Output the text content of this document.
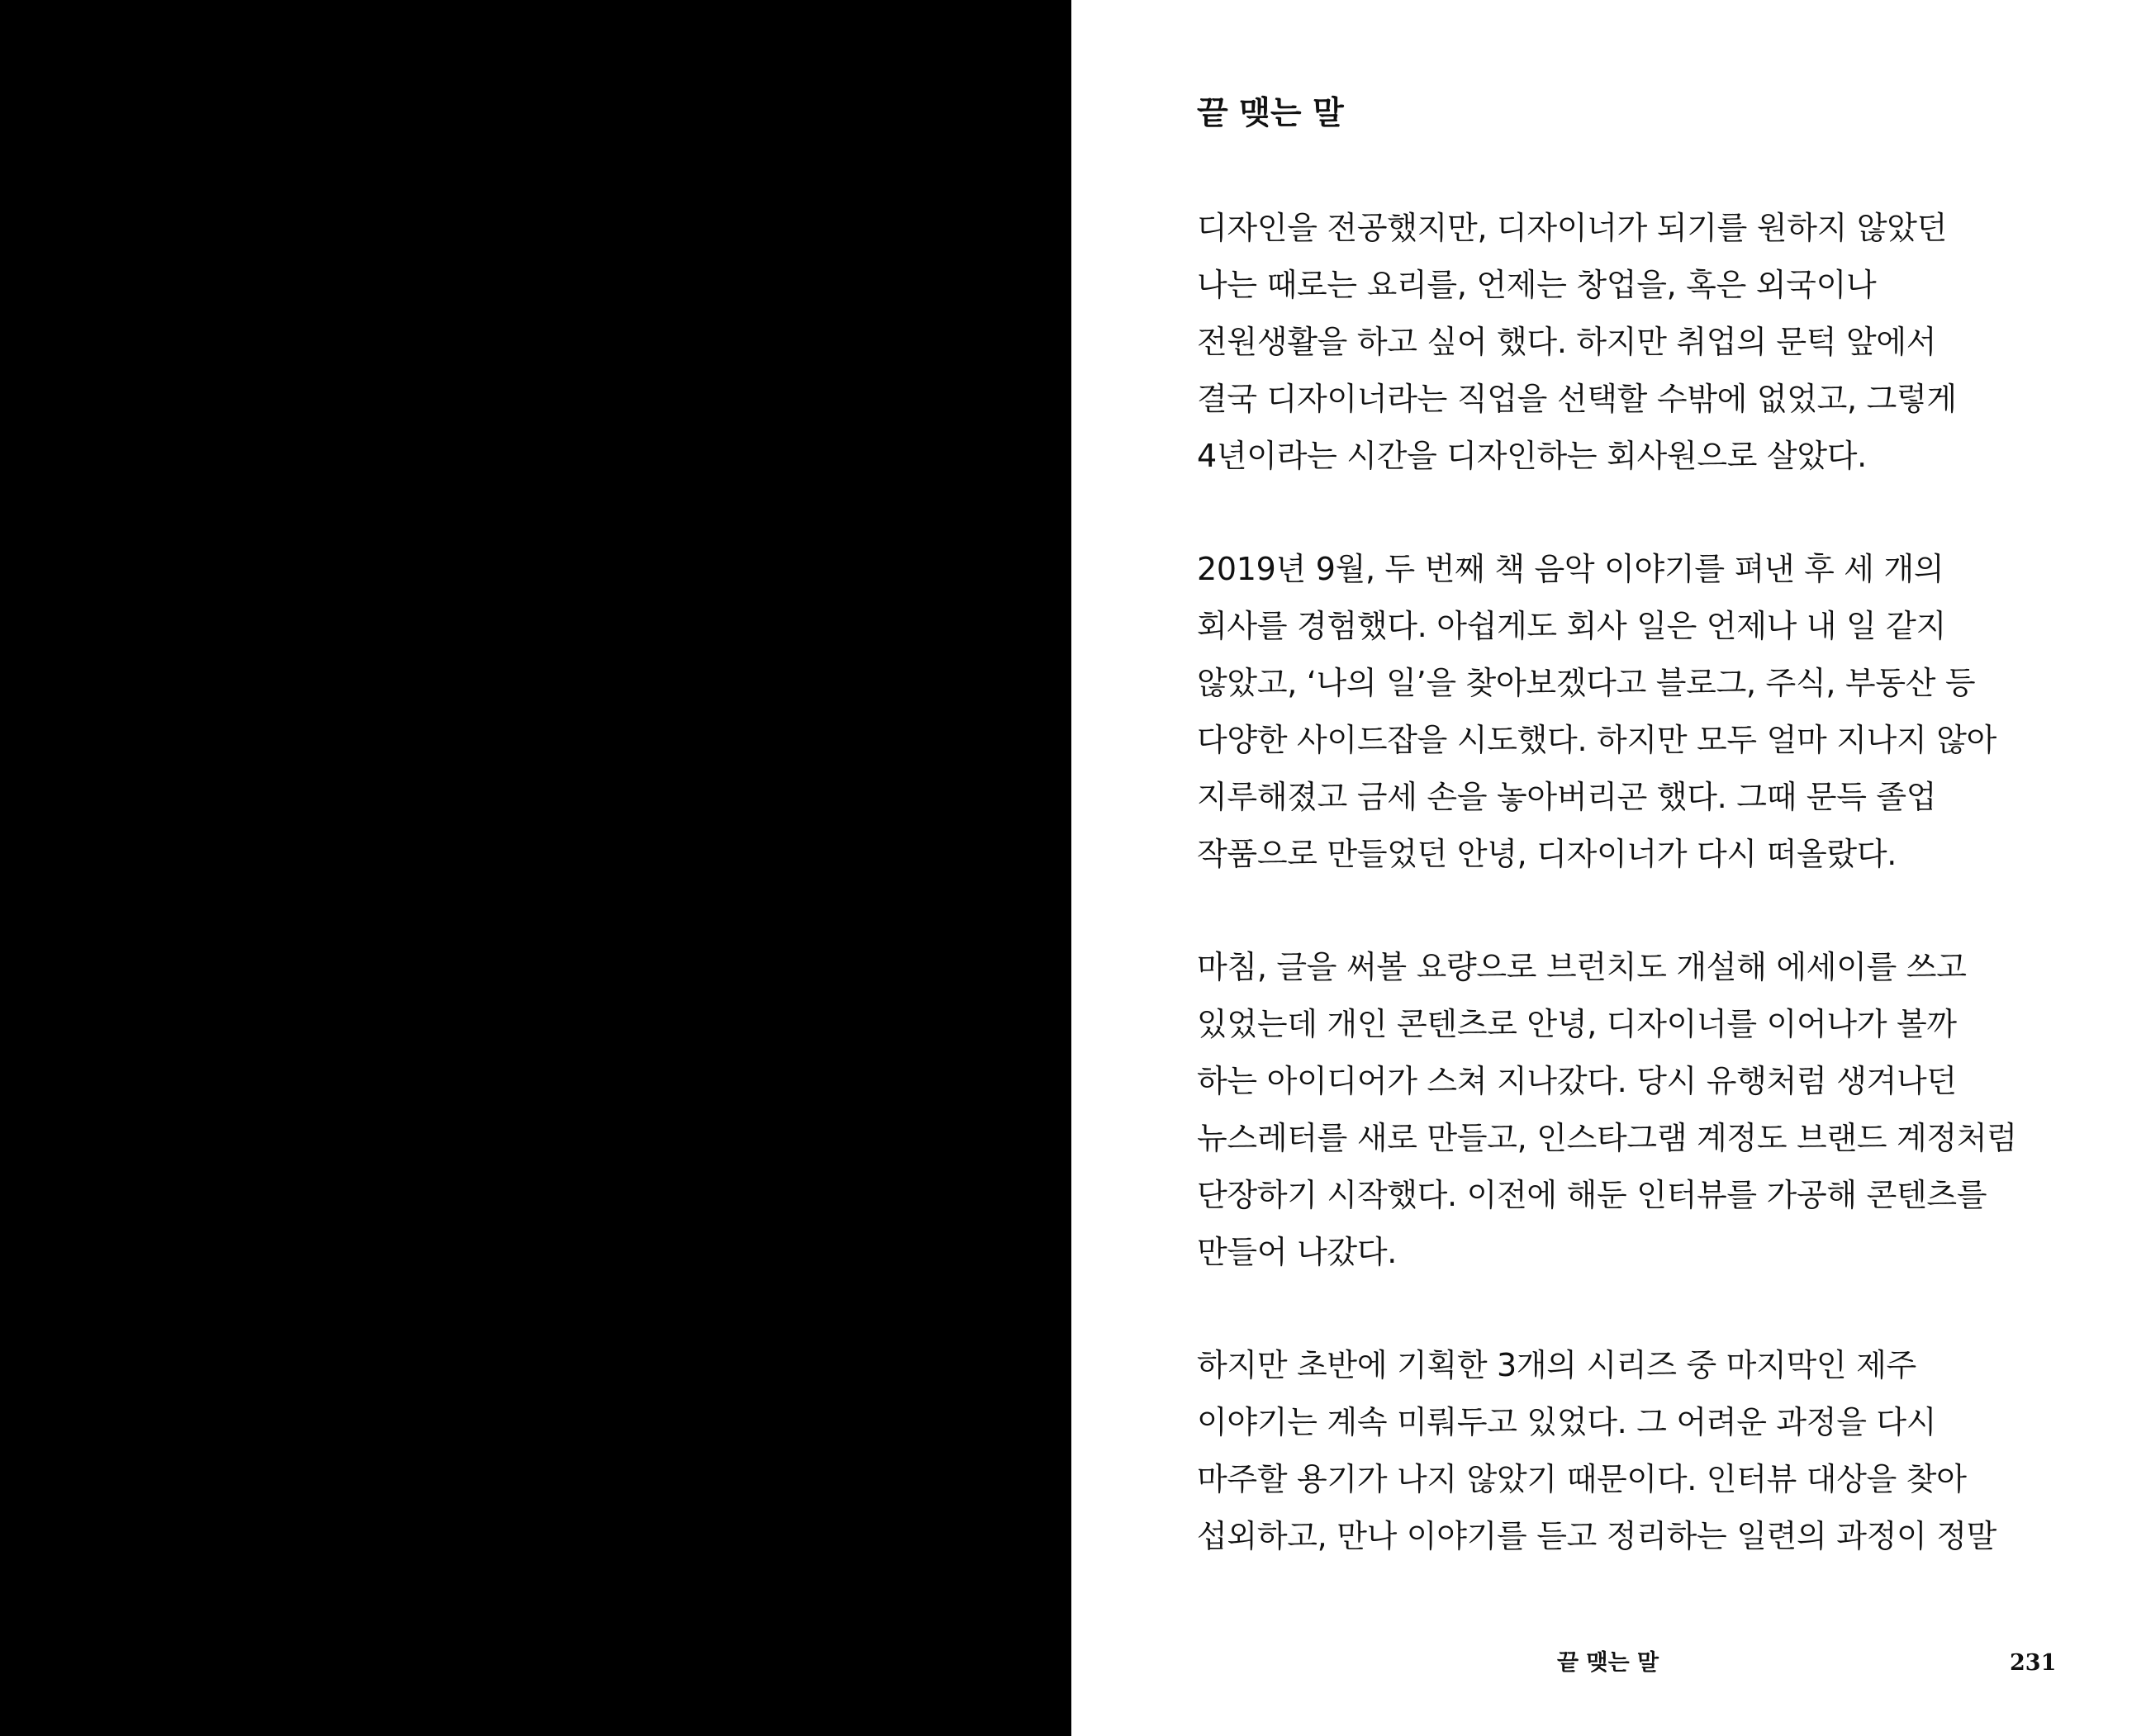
끝 맺는 말

디자인을 전공했지만, 디자이너가 되기를 원하지 않았던
나는 때로는 요리를, 언제는 창업을, 혹은 외국이나
전원생활을 하고 싶어 했다. 하지만 취업의 문턱 앞에서
결국 디자이너라는 직업을 선택할 수밖에 없었고, 그렇게
4년이라는 시간을 디자인하는 회사원으로 살았다.

2019년 9월, 두 번째 책 음악 이야기를 펴낸 후 세 개의
회사를 경험했다. 아쉽게도 회사 일은 언제나 내 일 같지
않았고, ‘나의 일’을 찾아보겠다고 블로그, 주식, 부동산 등
다양한 사이드잡을 시도했다. 하지만 모두 얼마 지나지 않아
지루해졌고 금세 손을 놓아버리곤 했다. 그때 문득 졸업
작품으로 만들었던 안녕, 디자이너가 다시 떠올랐다.

마침, 글을 써볼 요량으로 브런치도 개설해 에세이를 쓰고
있었는데 개인 콘텐츠로 안녕, 디자이너를 이어나가 볼까
하는 아이디어가 스쳐 지나갔다. 당시 유행처럼 생겨나던
뉴스레터를 새로 만들고, 인스타그램 계정도 브랜드 계정처럼
단장하기 시작했다. 이전에 해둔 인터뷰를 가공해 콘텐츠를
만들어 나갔다.

하지만 초반에 기획한 3개의 시리즈 중 마지막인 제주
이야기는 계속 미뤄두고 있었다. 그 어려운 과정을 다시
마주할 용기가 나지 않았기 때문이다. 인터뷰 대상을 찾아
섭외하고, 만나 이야기를 듣고 정리하는 일련의 과정이 정말

끝 맺는 말	231
